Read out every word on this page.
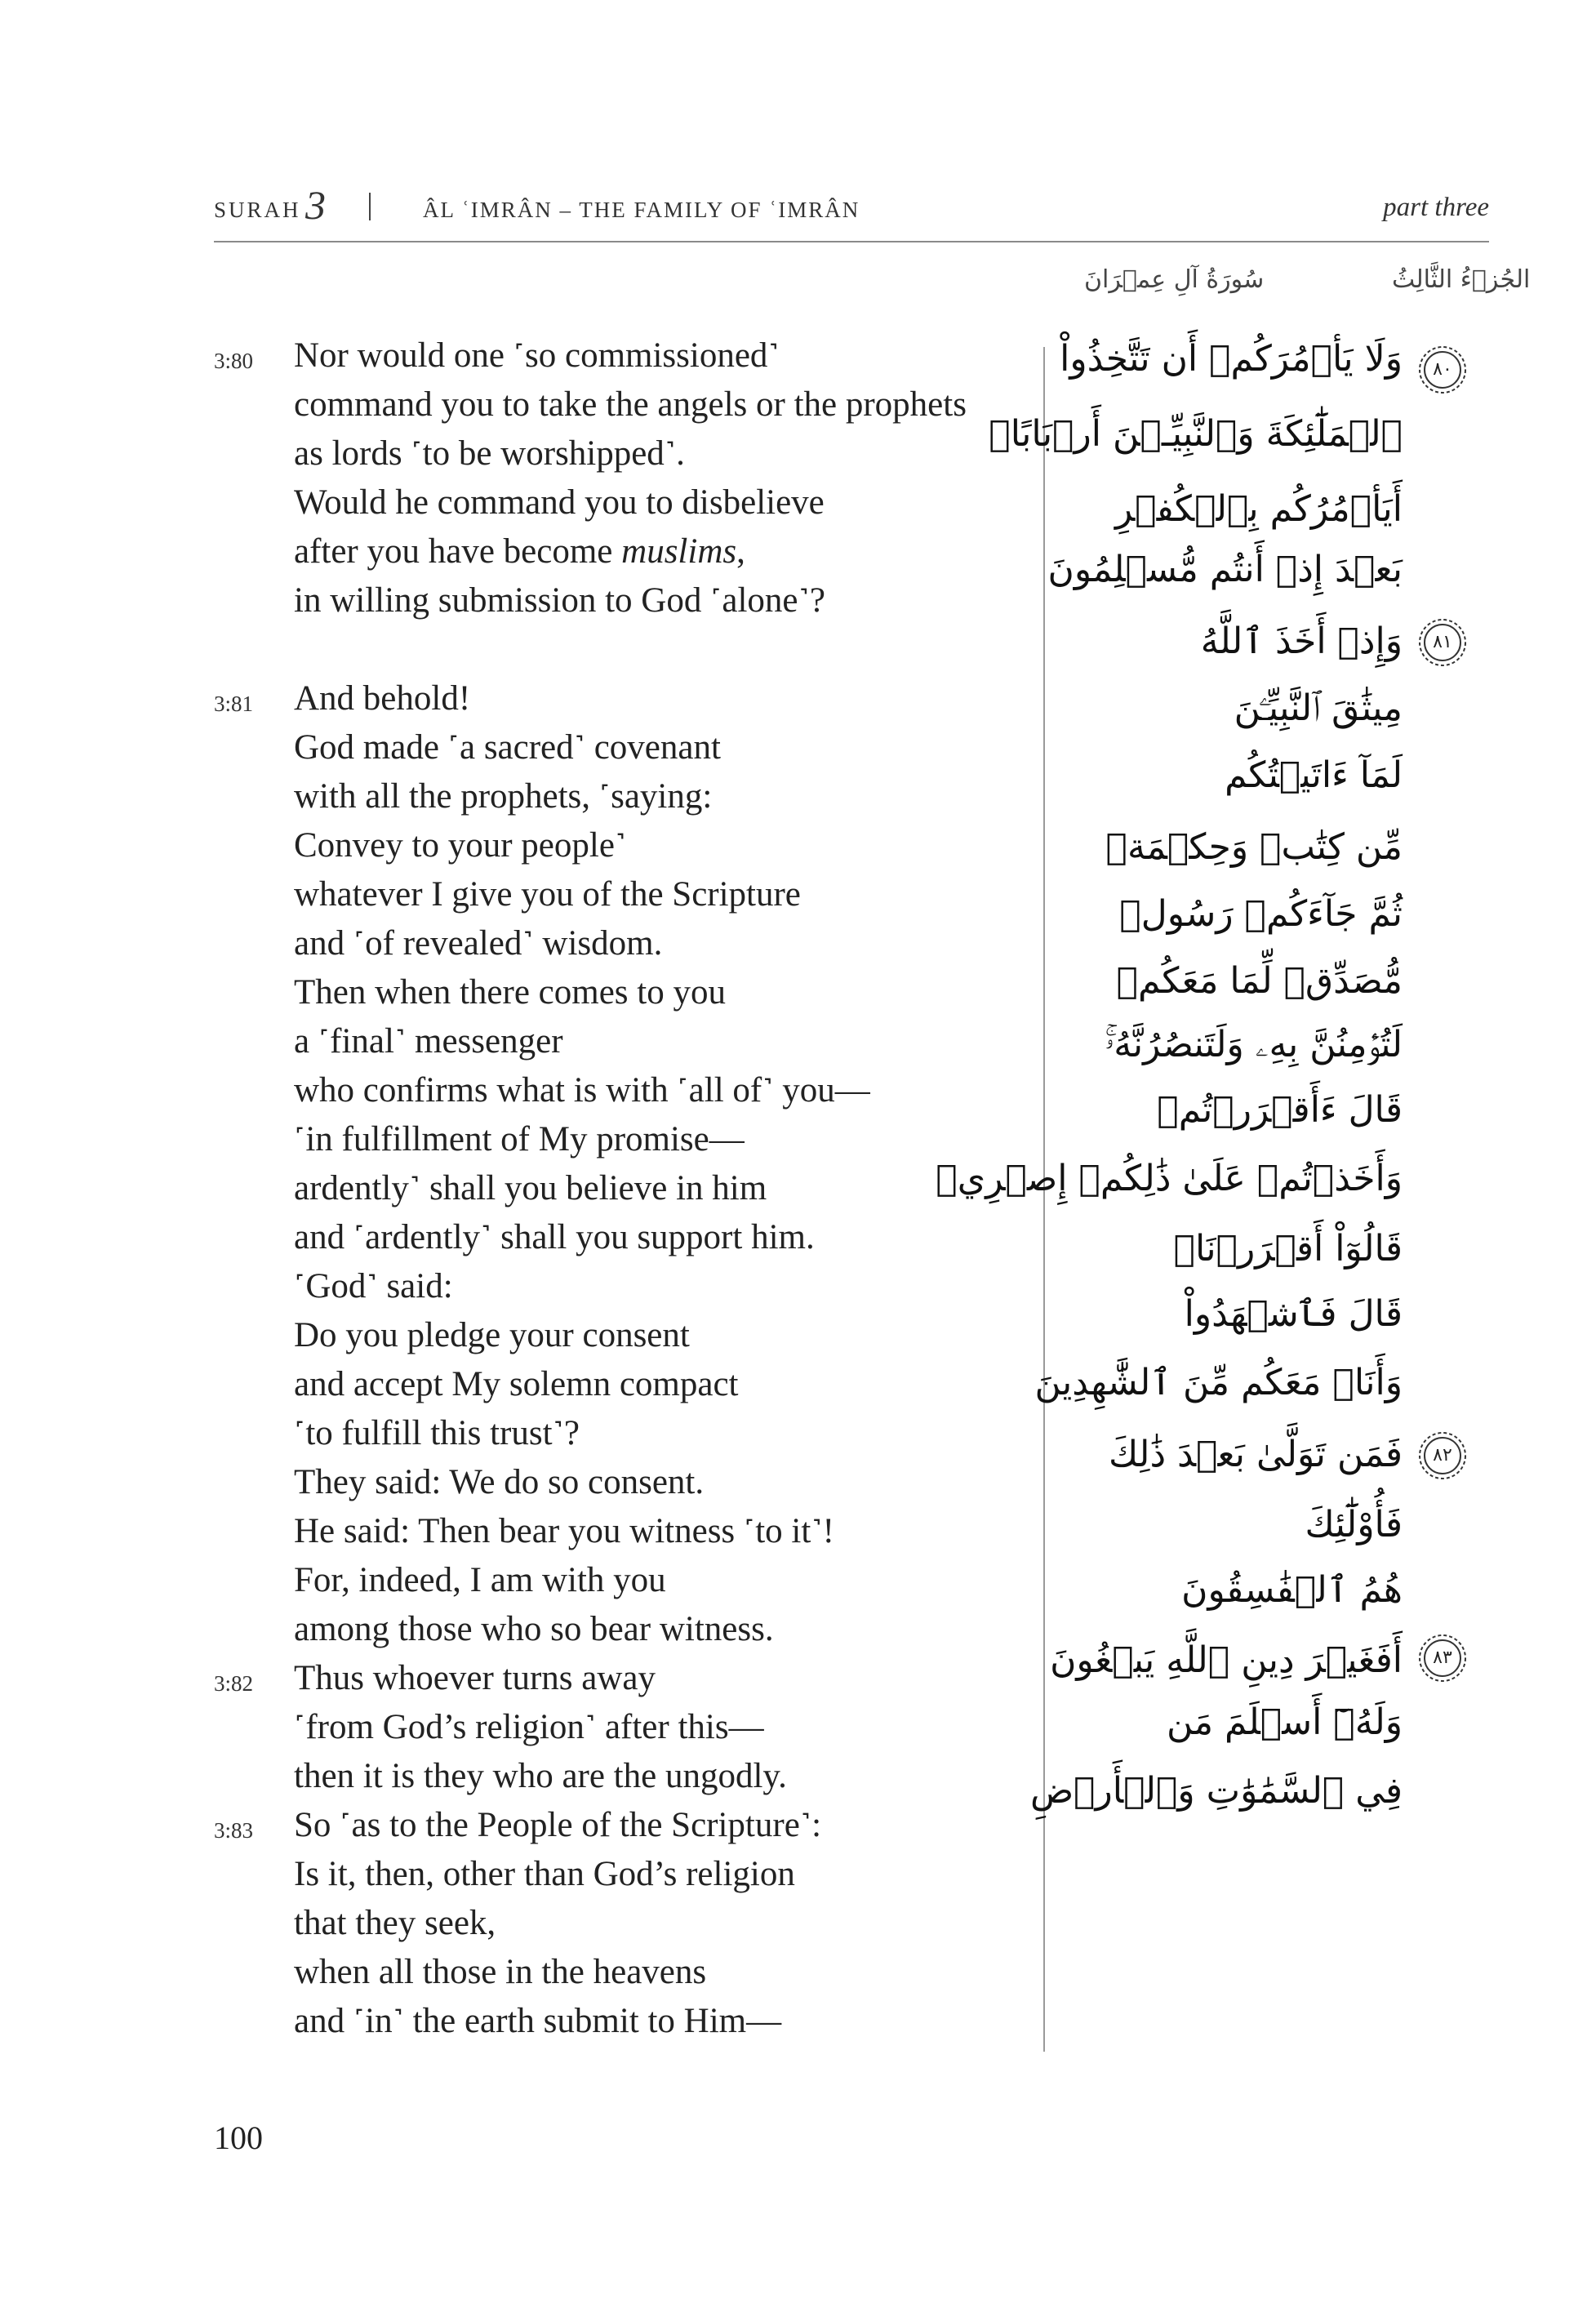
SURAH 3	ÂL ʿIMRÂN – THE FAMILY OF ʿIMRÂN	part three
سُورَةُ آلِ عِمۡرَانَ	الجُزۡءُ الثَّالِثُ
3:80 Nor would one ˹so commissioned˺
command you to take the angels or the prophets
as lords ˹to be worshipped˺.
Would he command you to disbelieve
after you have become muslims,
in willing submission to God ˹alone˺?
3:81 And behold!
God made ˹a sacred˺ covenant
with all the prophets, ˹saying:
Convey to your people˺
whatever I give you of the Scripture
and ˹of revealed˺ wisdom.
Then when there comes to you
a ˹final˺ messenger
who confirms what is with ˹all of˺ you—
˹in fulfillment of My promise—
ardently˺ shall you believe in him
and ˹ardently˺ shall you support him.
˹God˺ said:
Do you pledge your consent
and accept My solemn compact
˹to fulfill this trust˺?
They said: We do so consent.
He said: Then bear you witness ˹to it˺!
For, indeed, I am with you
among those who so bear witness.
3:82 Thus whoever turns away
˹from God’s religion˺ after this—
then it is they who are the ungodly.
3:83 So ˹as to the People of the Scripture˺:
Is it, then, other than God’s religion
that they seek,
when all those in the heavens
and ˹in˺ the earth submit to Him—
وَلَا يَأۡمُرَكُمۡ أَن تَتَّخِذُواْ
ٱلۡمَلَٰٓئِكَةَ وَٱلنَّبِيِّـۧنَ أَرۡبَابًاۗ
أَيَأۡمُرُكُم بِٱلۡكُفۡرِ
بَعۡدَ إِذۡ أَنتُم مُّسۡلِمُونَ
وَإِذۡ أَخَذَ ٱللَّهُ
مِيثَٰقَ ٱلنَّبِيِّـۧنَ
لَمَآ ءَاتَيۡتُكُم
مِّن كِتَٰبٖ وَحِكۡمَةٖ
ثُمَّ جَآءَكُمۡ رَسُولٞ
مُّصَدِّقٞ لِّمَا مَعَكُمۡ
لَتُؤۡمِنُنَّ بِهِۦ وَلَتَنصُرُنَّهُۥۚ
قَالَ ءَأَقۡرَرۡتُمۡ
وَأَخَذۡتُمۡ عَلَىٰ ذَٰلِكُمۡ إِصۡرِيۖ
قَالُوٓاْ أَقۡرَرۡنَاۚ
قَالَ فَٱشۡهَدُواْ
وَأَنَا۠ مَعَكُم مِّنَ ٱلشَّٰهِدِينَ
فَمَن تَوَلَّىٰ بَعۡدَ ذَٰلِكَ
فَأُوْلَٰٓئِكَ
هُمُ ٱلۡفَٰسِقُونَ
أَفَغَيۡرَ دِينِ ٱللَّهِ يَبۡغُونَ
وَلَهُۥٓ أَسۡلَمَ مَن
فِي ٱلسَّمَٰوَٰتِ وَٱلۡأَرۡضِ
٨٠
٨١
٨٢
٨٣
100
